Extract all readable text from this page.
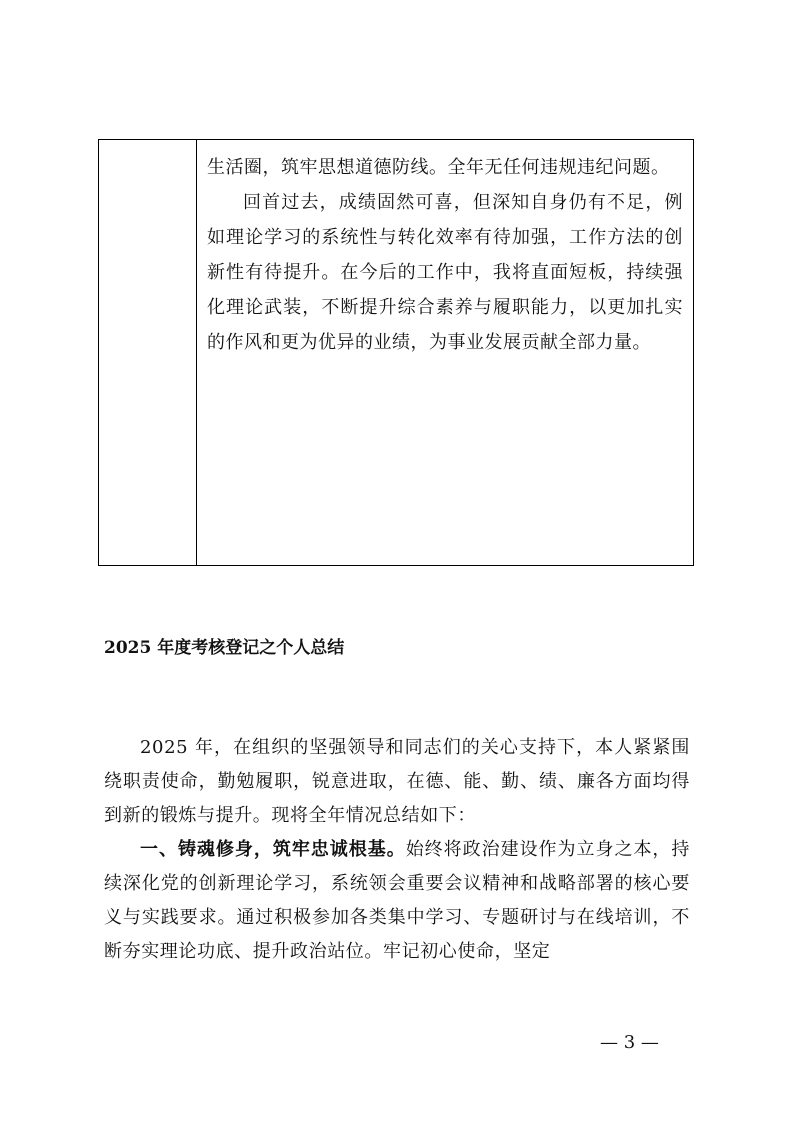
生活圈，筑牢思想道德防线。全年无任何违规违纪问题。

回首过去，成绩固然可喜，但深知自身仍有不足，例如理论学习的系统性与转化效率有待加强，工作方法的创新性有待提升。在今后的工作中，我将直面短板，持续强化理论武装，不断提升综合素养与履职能力，以更加扎实的作风和更为优异的业绩，为事业发展贡献全部力量。

2025 年度考核登记之个人总结

2025 年，在组织的坚强领导和同志们的关心支持下，本人紧紧围绕职责使命，勤勉履职，锐意进取，在德、能、勤、绩、廉各方面均得到新的锻炼与提升。现将全年情况总结如下：

一、铸魂修身，筑牢忠诚根基。始终将政治建设作为立身之本，持续深化党的创新理论学习，系统领会重要会议精神和战略部署的核心要义与实践要求。通过积极参加各类集中学习、专题研讨与在线培训，不断夯实理论功底、提升政治站位。牢记初心使命，坚定

— 3 —
